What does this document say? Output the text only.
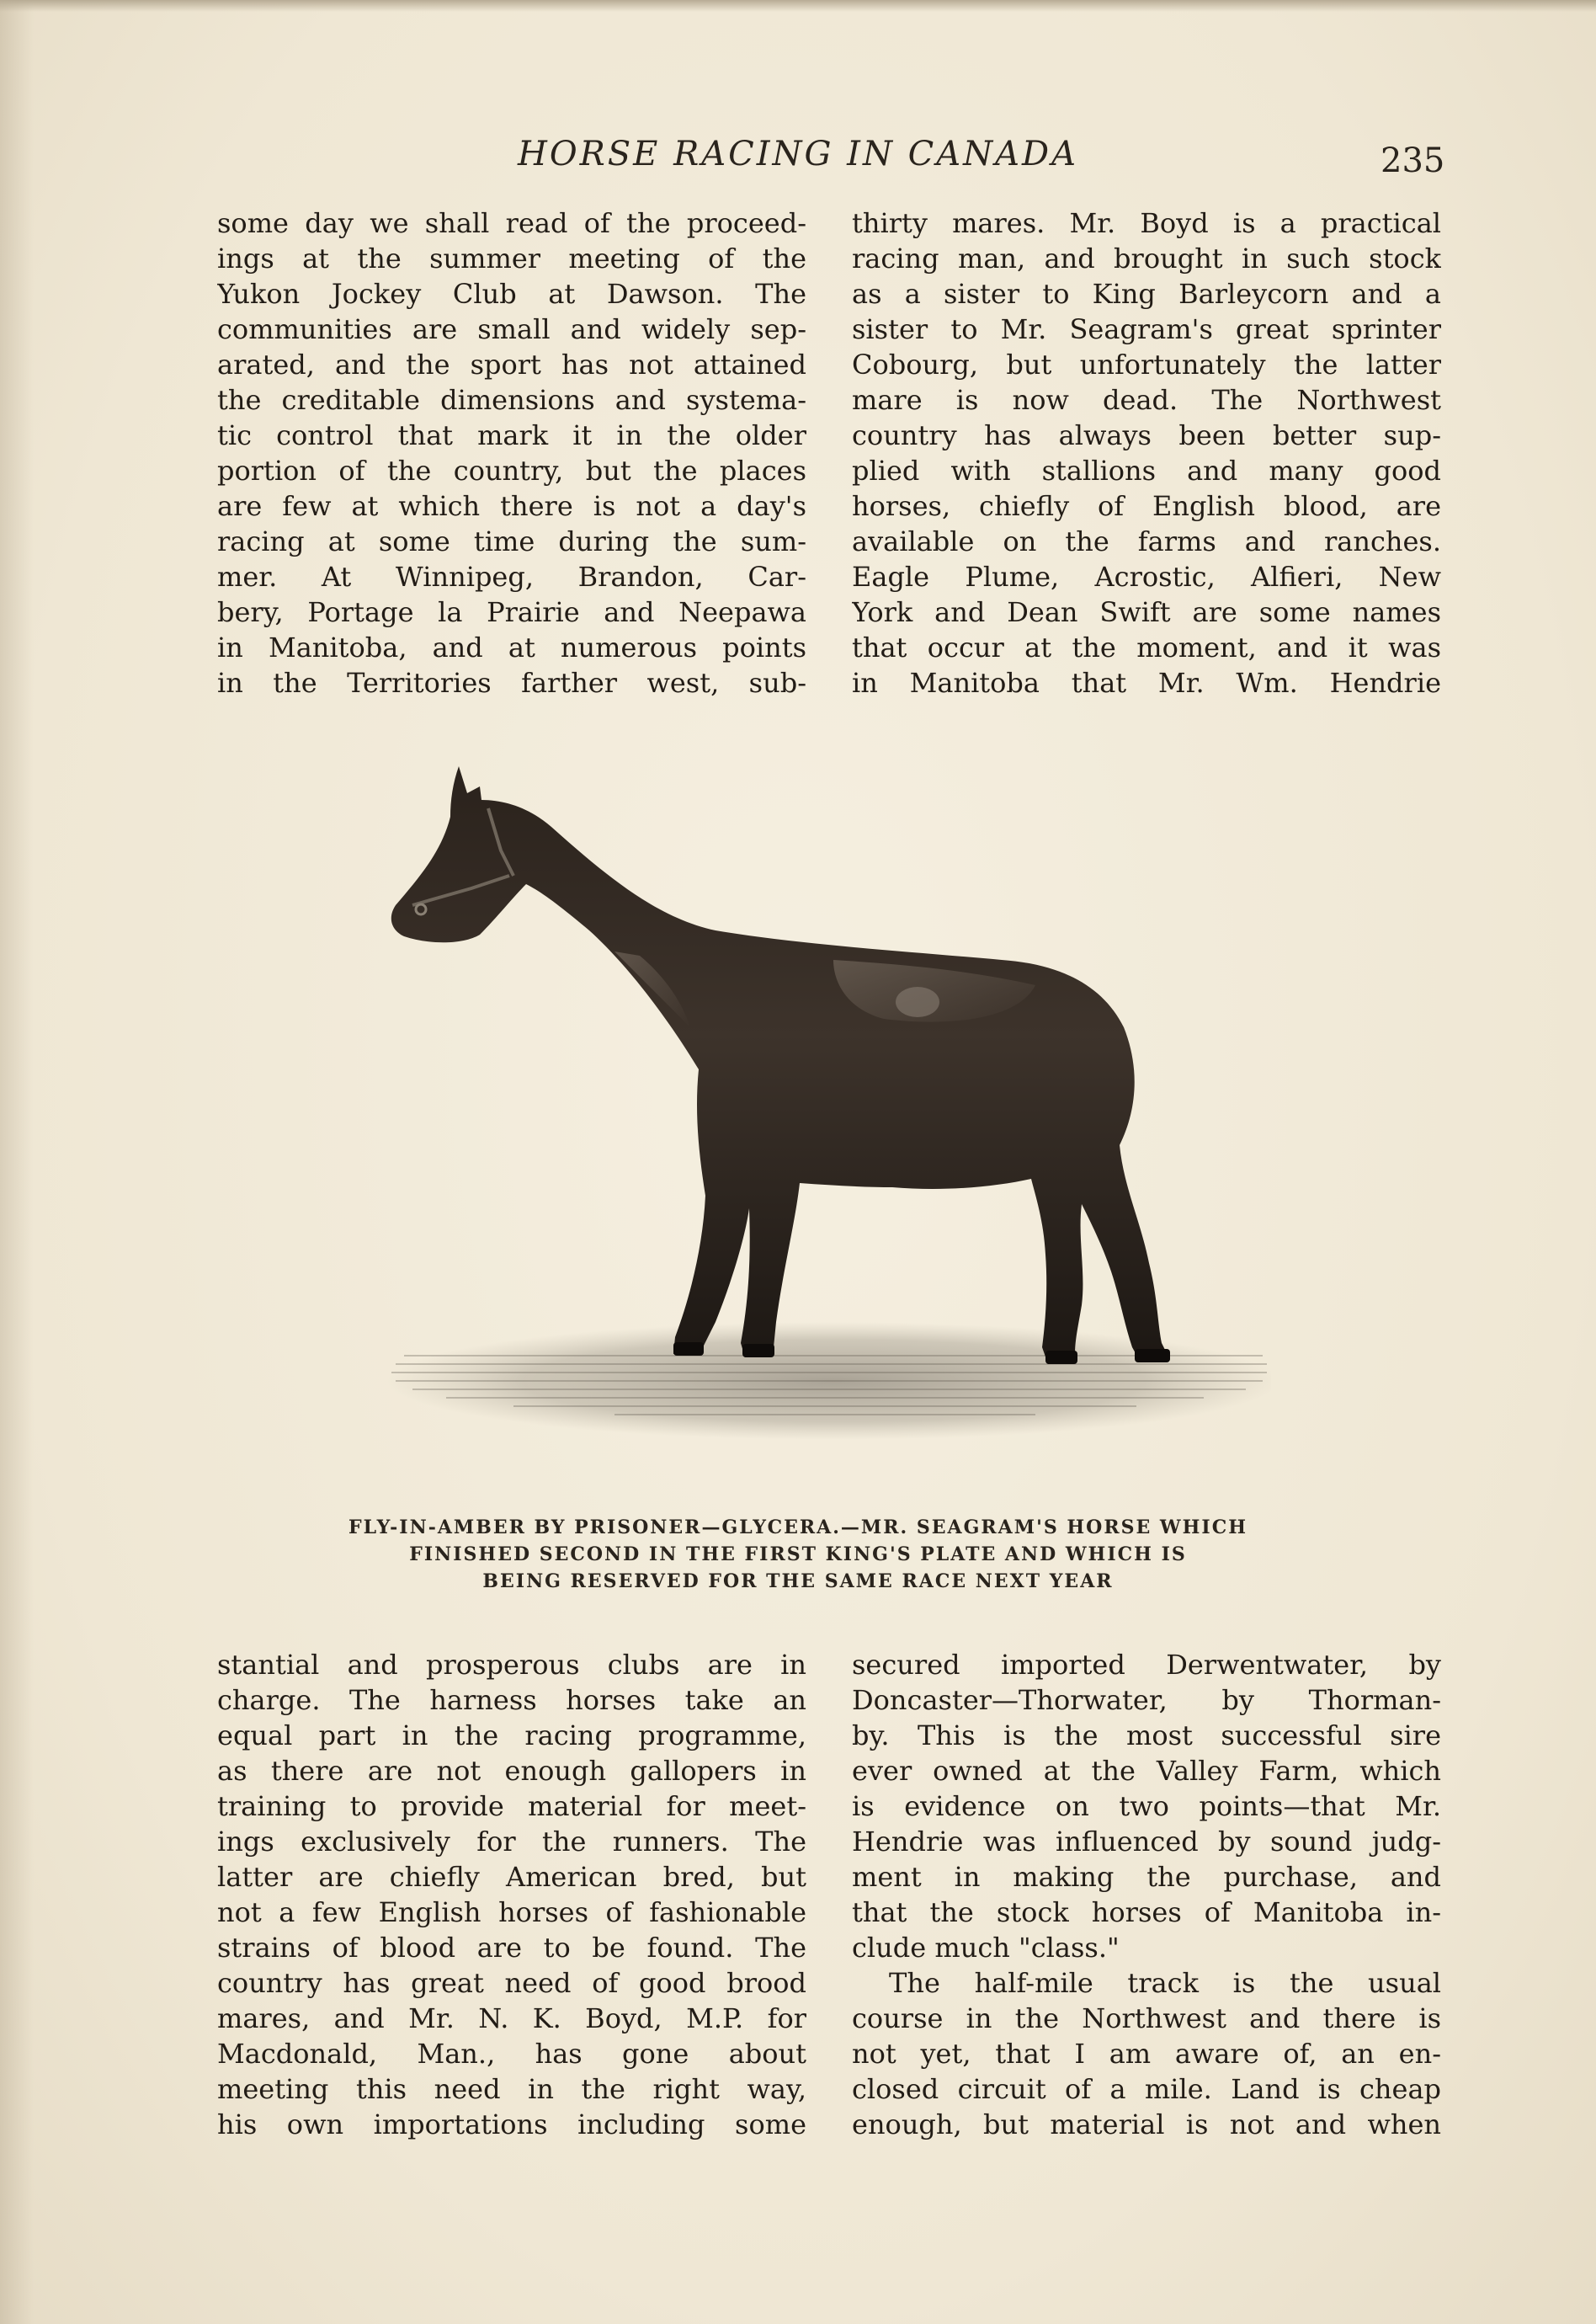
HORSE RACING IN CANADA	235
some day we shall read of the proceed-
ings at the summer meeting of the
Yukon Jockey Club at Dawson. The
communities are small and widely sep-
arated, and the sport has not attained
the creditable dimensions and systema-
tic control that mark it in the older
portion of the country, but the places
are few at which there is not a day's
racing at some time during the sum-
mer. At Winnipeg, Brandon, Car-
bery, Portage la Prairie and Neepawa
in Manitoba, and at numerous points
in the Territories farther west, sub-
thirty mares. Mr. Boyd is a practical
racing man, and brought in such stock
as a sister to King Barleycorn and a
sister to Mr. Seagram's great sprinter
Cobourg, but unfortunately the latter
mare is now dead. The Northwest
country has always been better sup-
plied with stallions and many good
horses, chiefly of English blood, are
available on the farms and ranches.
Eagle Plume, Acrostic, Alfieri, New
York and Dean Swift are some names
that occur at the moment, and it was
in Manitoba that Mr. Wm. Hendrie
FLY-IN-AMBER BY PRISONER—GLYCERA.—MR. SEAGRAM'S HORSE WHICH
FINISHED SECOND IN THE FIRST KING'S PLATE AND WHICH IS
BEING RESERVED FOR THE SAME RACE NEXT YEAR
stantial and prosperous clubs are in
charge. The harness horses take an
equal part in the racing programme,
as there are not enough gallopers in
training to provide material for meet-
ings exclusively for the runners. The
latter are chiefly American bred, but
not a few English horses of fashionable
strains of blood are to be found. The
country has great need of good brood
mares, and Mr. N. K. Boyd, M.P. for
Macdonald, Man., has gone about
meeting this need in the right way,
his own importations including some
secured imported Derwentwater, by
Doncaster—Thorwater, by Thorman-
by. This is the most successful sire
ever owned at the Valley Farm, which
is evidence on two points—that Mr.
Hendrie was influenced by sound judg-
ment in making the purchase, and
that the stock horses of Manitoba in-
clude much "class."
The half-mile track is the usual
course in the Northwest and there is
not yet, that I am aware of, an en-
closed circuit of a mile. Land is cheap
enough, but material is not and when
